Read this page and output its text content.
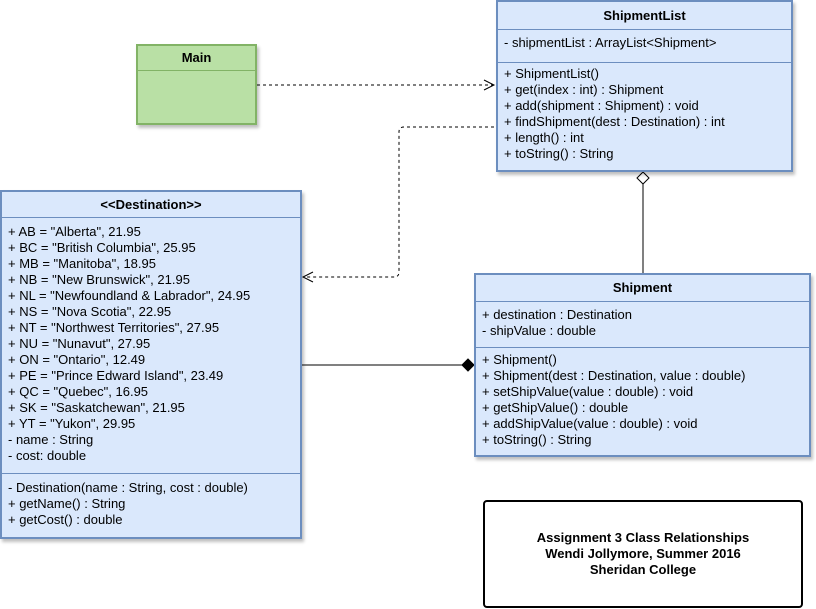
Main
ShipmentList
- shipmentList : ArrayList<Shipment>
+ ShipmentList()
+ get(index : int) : Shipment
+ add(shipment : Shipment) : void
+ findShipment(dest : Destination) : int
+ length() : int
+ toString() : String
<<Destination>>
+ AB = "Alberta", 21.95
+ BC = "British Columbia", 25.95
+ MB = "Manitoba", 18.95
+ NB = "New Brunswick", 21.95
+ NL = "Newfoundland & Labrador", 24.95
+ NS = "Nova Scotia", 22.95
+ NT = "Northwest Territories", 27.95
+ NU = "Nunavut", 27.95
+ ON = "Ontario", 12.49
+ PE = "Prince Edward Island", 23.49
+ QC = "Quebec", 16.95
+ SK = "Saskatchewan", 21.95
+ YT = "Yukon", 29.95
- name : String
- cost: double
- Destination(name : String, cost : double)
+ getName() : String
+ getCost() : double
Shipment
+ destination : Destination
- shipValue : double
+ Shipment()
+ Shipment(dest : Destination, value : double)
+ setShipValue(value : double) : void
+ getShipValue() : double
+ addShipValue(value : double) : void
+ toString() : String
Assignment 3 Class Relationships
Wendi Jollymore, Summer 2016
Sheridan College
